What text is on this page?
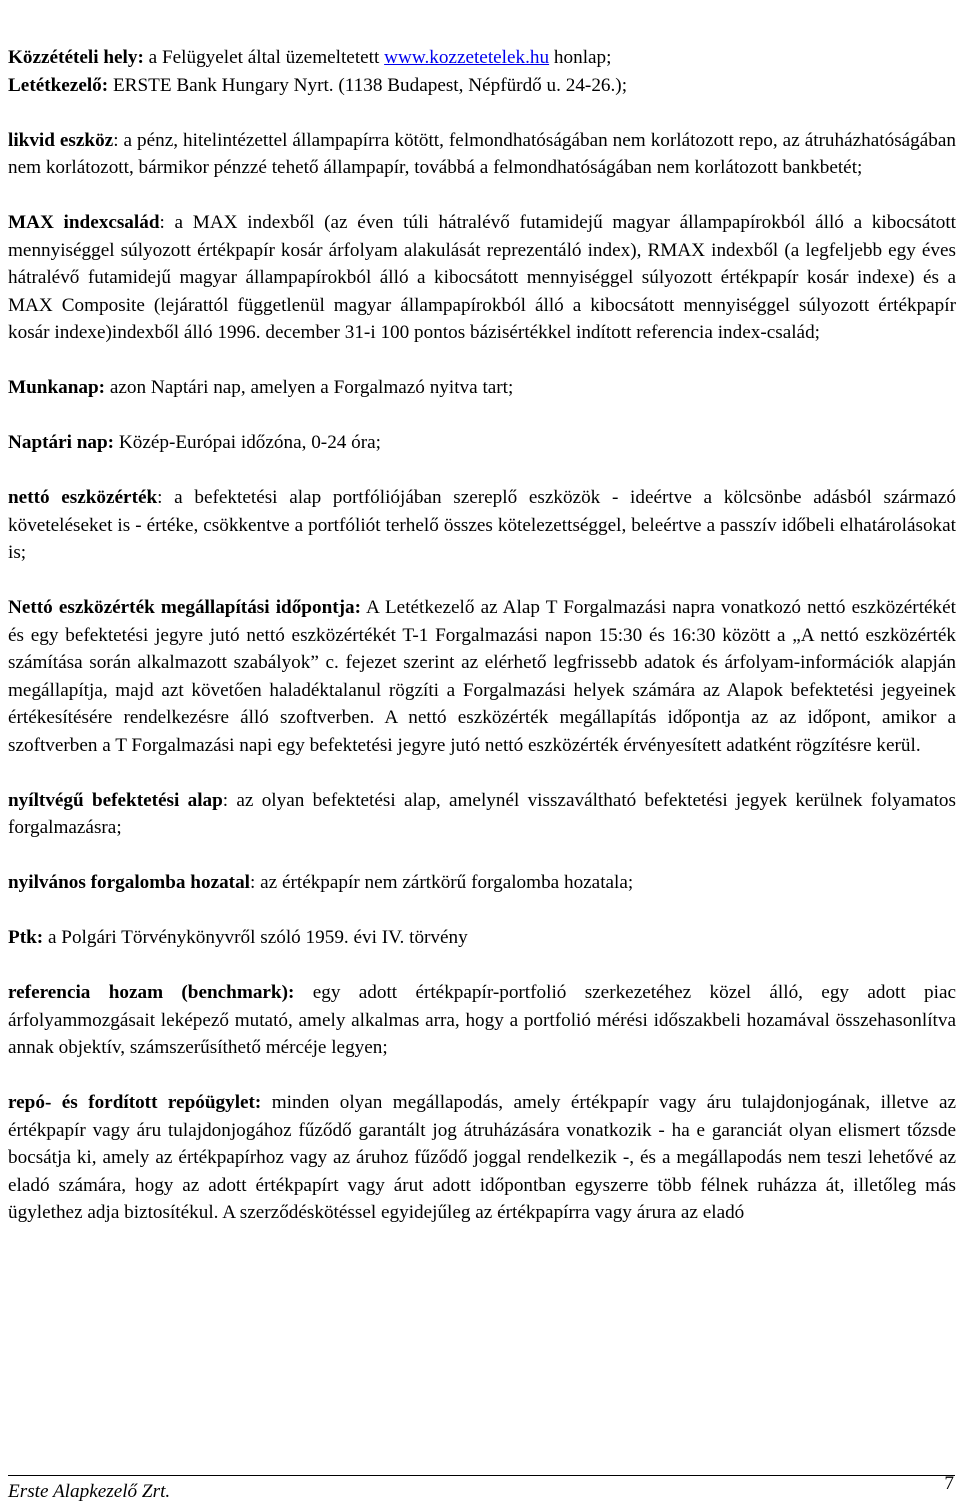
Közzétételi hely: a Felügyelet által üzemeltetett www.kozzetetelek.hu honlap;

Letétkezelő: ERSTE Bank Hungary Nyrt. (1138 Budapest, Népfürdő u. 24-26.);

likvid eszköz: a pénz, hitelintézettel állampapírra kötött, felmondhatóságában nem korlátozott repo, az átruházhatóságában nem korlátozott, bármikor pénzzé tehető állampapír, továbbá a felmondhatóságában nem korlátozott bankbetét;

MAX indexcsalád: a MAX indexből (az éven túli hátralévő futamidejű magyar állampapírokból álló a kibocsátott mennyiséggel súlyozott értékpapír kosár árfolyam alakulását reprezentáló index), RMAX indexből (a legfeljebb egy éves hátralévő futamidejű magyar állampapírokból álló a kibocsátott mennyiséggel súlyozott értékpapír kosár indexe) és a MAX Composite (lejárattól függetlenül magyar állampapírokból álló a kibocsátott mennyiséggel súlyozott értékpapír kosár indexe)indexből álló 1996. december 31-i 100 pontos bázisértékkel indított referencia index-család;

Munkanap: azon Naptári nap, amelyen a Forgalmazó nyitva tart;

Naptári nap: Közép-Európai időzóna, 0-24 óra;

nettó eszközérték: a befektetési alap portfóliójában szereplő eszközök - ideértve a kölcsönbe adásból származó követeléseket is - értéke, csökkentve a portfóliót terhelő összes kötelezettséggel, beleértve a passzív időbeli elhatárolásokat is;

Nettó eszközérték megállapítási időpontja: A Letétkezelő az Alap T Forgalmazási napra vonatkozó nettó eszközértékét és egy befektetési jegyre jutó nettó eszközértékét T-1 Forgalmazási napon 15:30 és 16:30 között a „A nettó eszközérték számítása során alkalmazott szabályok” c. fejezet szerint az elérhető legfrissebb adatok és árfolyam-információk alapján megállapítja, majd azt követően haladéktalanul rögzíti a Forgalmazási helyek számára az Alapok befektetési jegyeinek értékesítésére rendelkezésre álló szoftverben. A nettó eszközérték megállapítás időpontja az az időpont, amikor a szoftverben a T Forgalmazási napi egy befektetési jegyre jutó nettó eszközérték érvényesített adatként rögzítésre kerül.

nyíltvégű befektetési alap: az olyan befektetési alap, amelynél visszaváltható befektetési jegyek kerülnek folyamatos forgalmazásra;

nyilvános forgalomba hozatal: az értékpapír nem zártkörű forgalomba hozatala;

Ptk: a Polgári Törvénykönyvről szóló 1959. évi IV. törvény

referencia hozam (benchmark): egy adott értékpapír-portfolió szerkezetéhez közel álló, egy adott piac árfolyammozgásait leképező mutató, amely alkalmas arra, hogy a portfolió mérési időszakbeli hozamával összehasonlítva annak objektív, számszerűsíthető mércéje legyen;

repó- és fordított repóügylet: minden olyan megállapodás, amely értékpapír vagy áru tulajdonjogának, illetve az értékpapír vagy áru tulajdonjogához fűződő garantált jog átruházására vonatkozik - ha e garanciát olyan elismert tőzsde bocsátja ki, amely az értékpapírhoz vagy az áruhoz fűződő joggal rendelkezik -, és a megállapodás nem teszi lehetővé az eladó számára, hogy az adott értékpapírt vagy árut adott időpontban egyszerre több félnek ruházza át, illetőleg más ügylethez adja biztosítékul. A szerződéskötéssel egyidejűleg az értékpapírra vagy árura az eladó

Erste Alapkezelő Zrt.	7
